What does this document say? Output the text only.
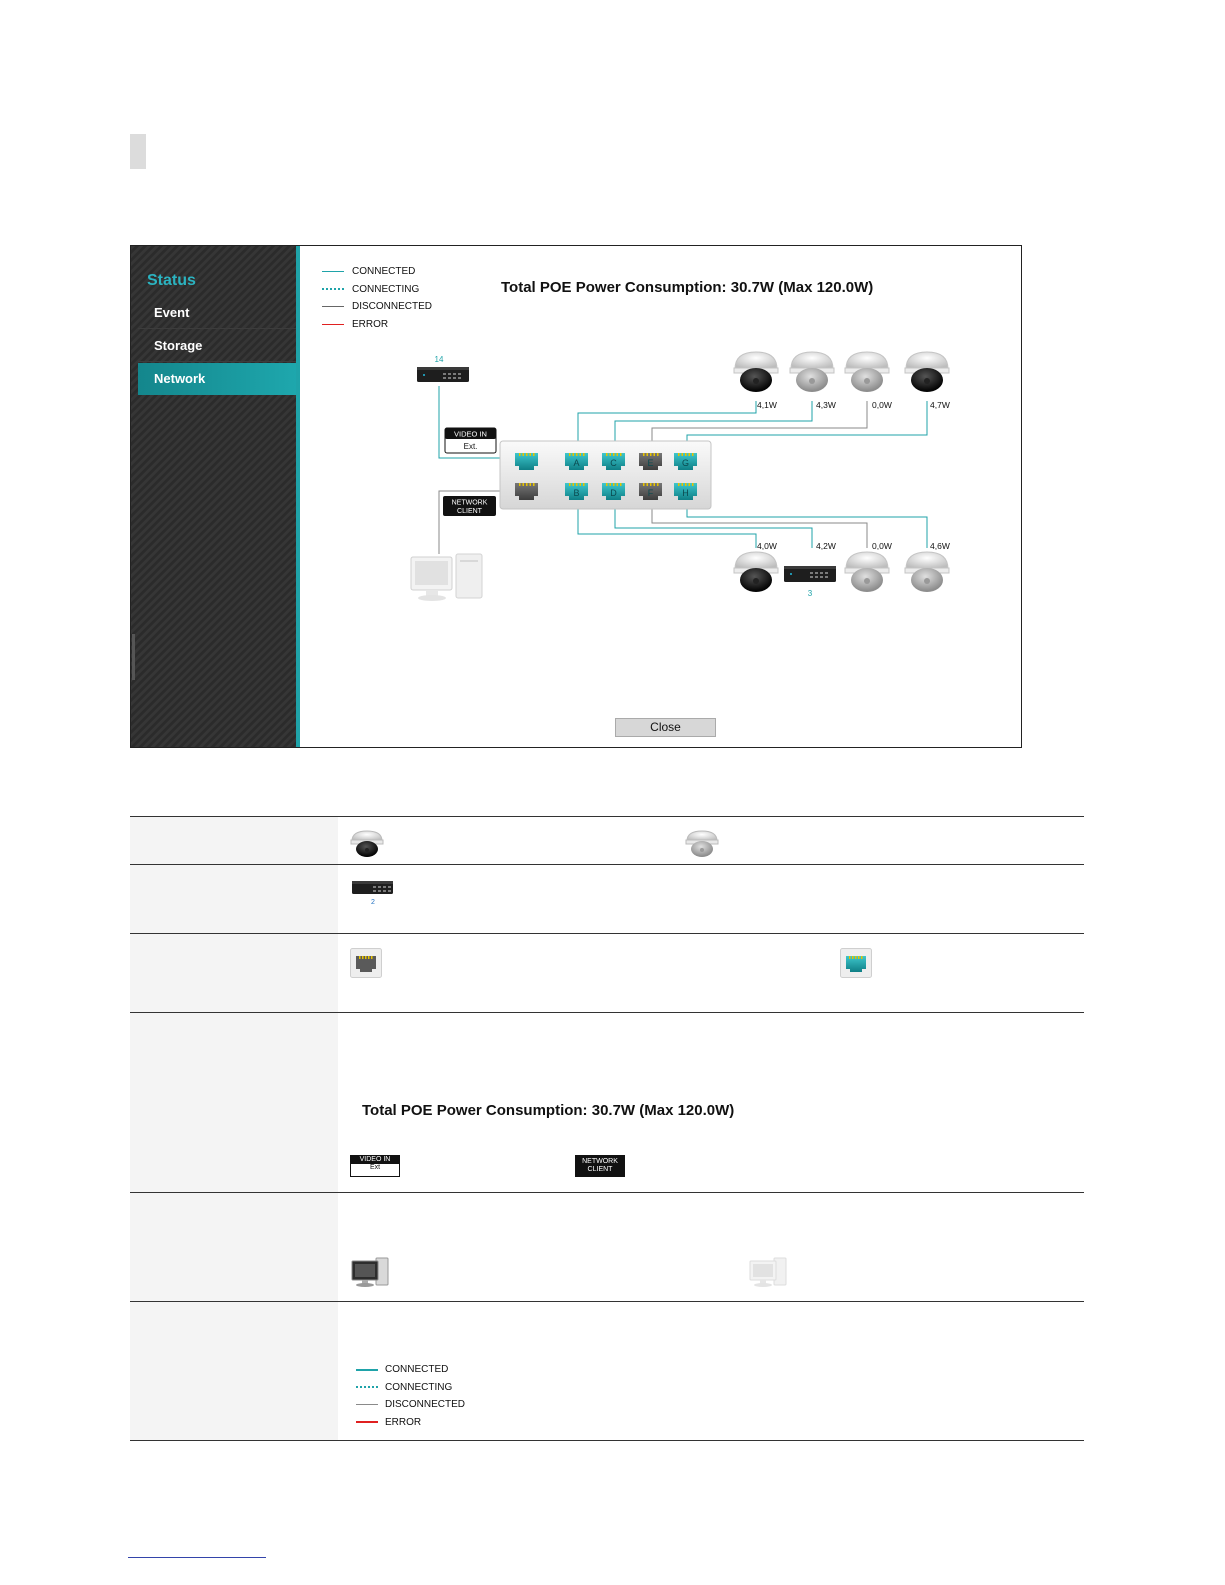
Status
Event
Storage
Network
CONNECTED
CONNECTING
DISCONNECTED
ERROR
Total POE Power Consumption: 30.7W (Max 120.0W)
A	C	E	G
B	D	F	H
14
VIDEO IN
Ext.
NETWORK
CLIENT
3
4,1W
4,0W
4,3W
4,2W
0,0W
0,0W
4,7W
4,6W
Close
2
Total POE Power Consumption: 30.7W (Max 120.0W)
VIDEO IN
Ext
NETWORK
CLIENT
CONNECTED
CONNECTING
DISCONNECTED
ERROR
